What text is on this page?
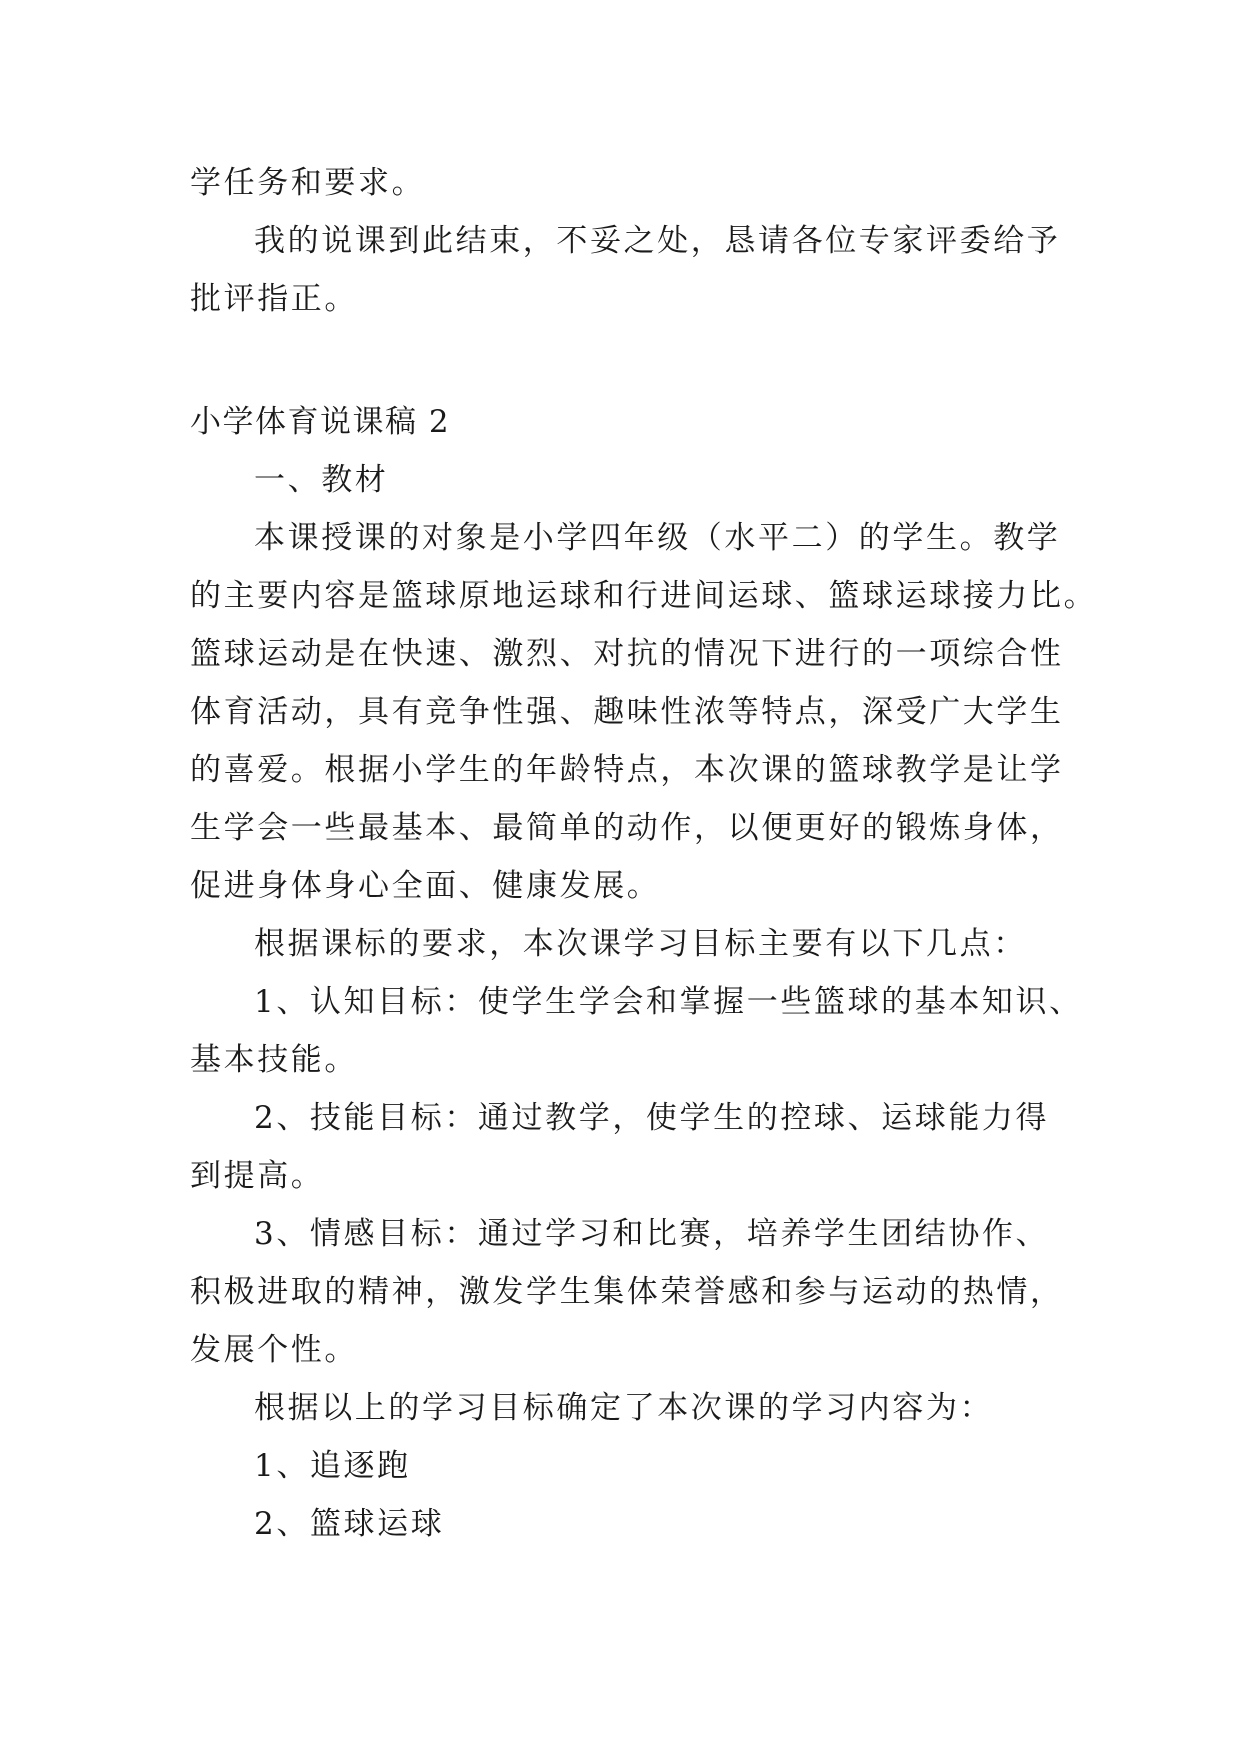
学任务和要求。
我的说课到此结束，不妥之处，恳请各位专家评委给予
批评指正。
小学体育说课稿 2
一、教材
本课授课的对象是小学四年级（水平二）的学生。教学
的主要内容是篮球原地运球和行进间运球、篮球运球接力比。
篮球运动是在快速、激烈、对抗的情况下进行的一项综合性
体育活动，具有竞争性强、趣味性浓等特点，深受广大学生
的喜爱。根据小学生的年龄特点，本次课的篮球教学是让学
生学会一些最基本、最简单的动作，以便更好的锻炼身体，
促进身体身心全面、健康发展。
根据课标的要求，本次课学习目标主要有以下几点：
1、认知目标：使学生学会和掌握一些篮球的基本知识、
基本技能。
2、技能目标：通过教学，使学生的控球、运球能力得
到提高。
3、情感目标：通过学习和比赛，培养学生团结协作、
积极进取的精神，激发学生集体荣誉感和参与运动的热情，
发展个性。
根据以上的学习目标确定了本次课的学习内容为：
1、追逐跑
2、篮球运球
